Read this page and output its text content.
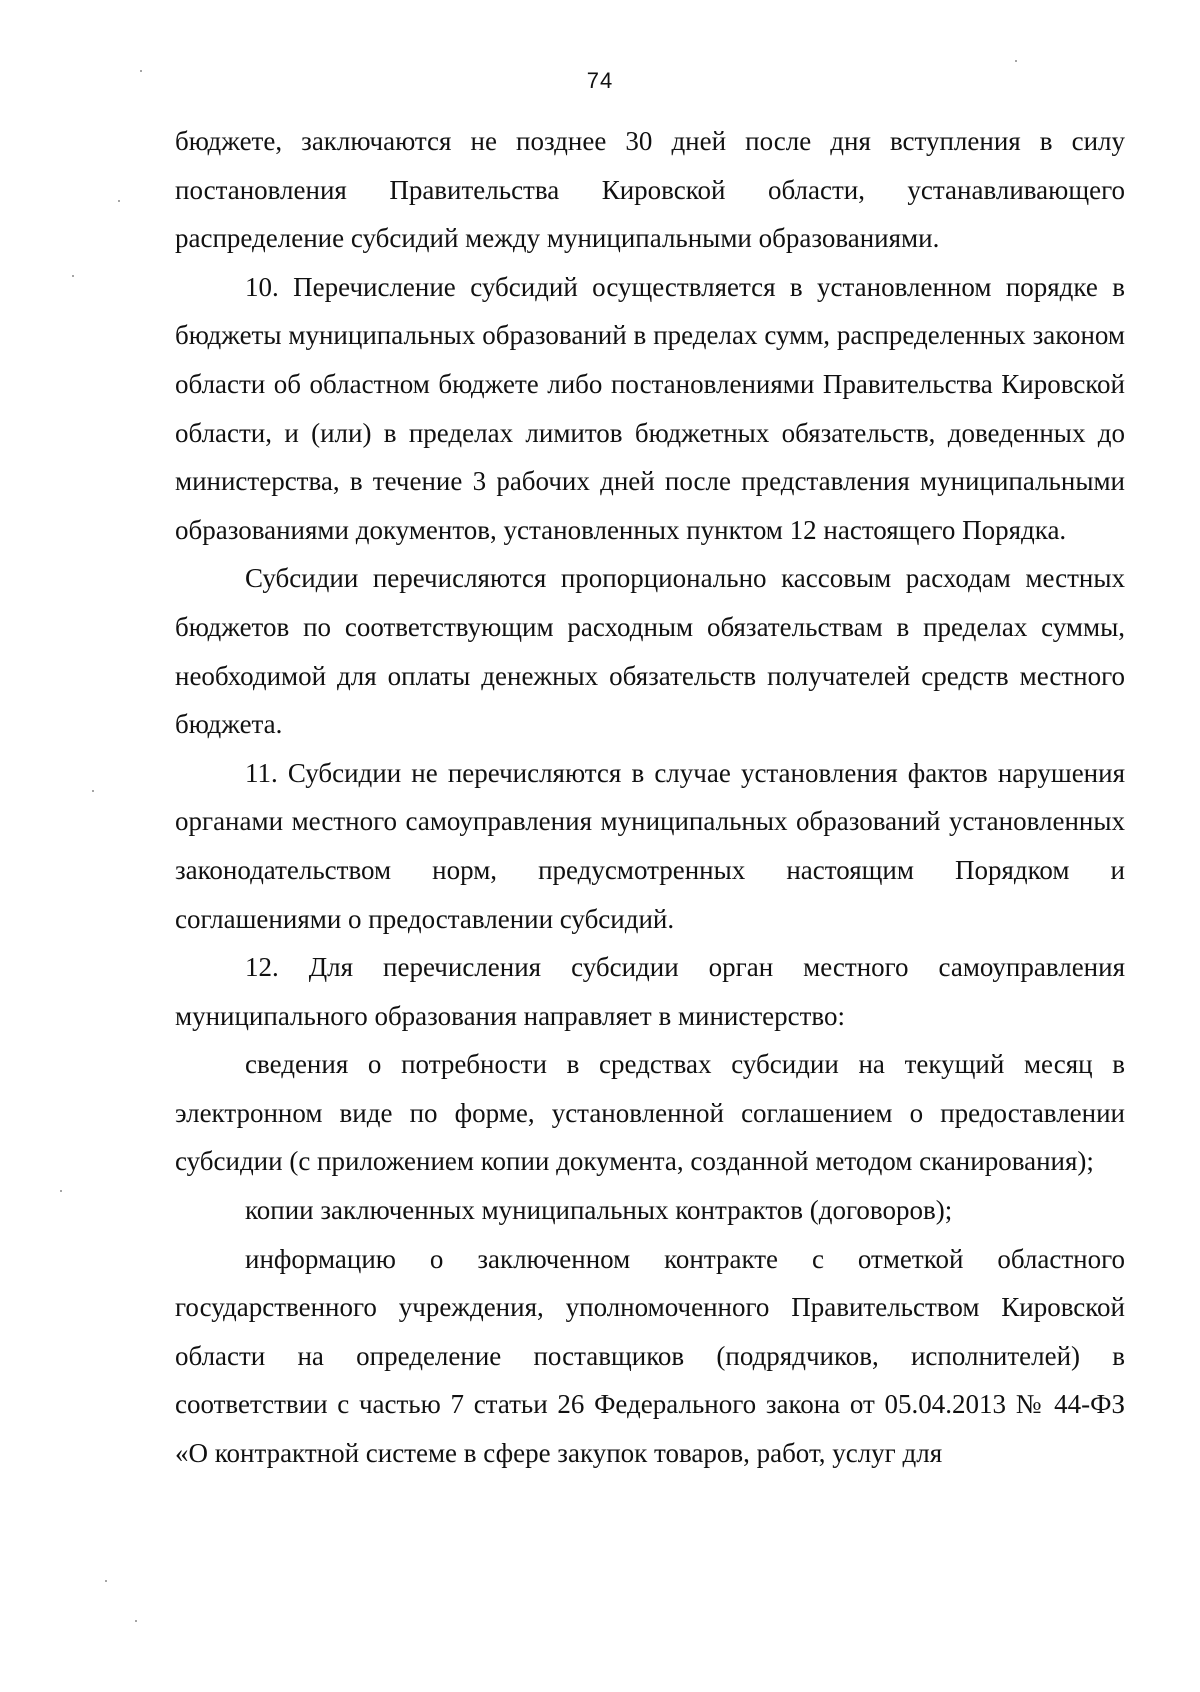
74

бюджете, заключаются не позднее 30 дней после дня вступления в силу постановления Правительства Кировской области, устанавливающего распределение субсидий между муниципальными образованиями.

10. Перечисление субсидий осуществляется в установленном порядке в бюджеты муниципальных образований в пределах сумм, распределенных законом области об областном бюджете либо постановлениями Правительства Кировской области, и (или) в пределах лимитов бюджетных обязательств, доведенных до министерства, в течение 3 рабочих дней после представления муниципальными образованиями документов, установленных пунктом 12 настоящего Порядка.

Субсидии перечисляются пропорционально кассовым расходам местных бюджетов по соответствующим расходным обязательствам в пределах суммы, необходимой для оплаты денежных обязательств получателей средств местного бюджета.

11. Субсидии не перечисляются в случае установления фактов нарушения органами местного самоуправления муниципальных образований установленных законодательством норм, предусмотренных настоящим Порядком и соглашениями о предоставлении субсидий.

12. Для перечисления субсидии орган местного самоуправления муниципального образования направляет в министерство:

сведения о потребности в средствах субсидии на текущий месяц в электронном виде по форме, установленной соглашением о предоставлении субсидии (с приложением копии документа, созданной методом сканирования);

копии заключенных муниципальных контрактов (договоров);

информацию о заключенном контракте с отметкой областного государственного учреждения, уполномоченного Правительством Кировской области на определение поставщиков (подрядчиков, исполнителей) в соответствии с частью 7 статьи 26 Федерального закона от 05.04.2013 № 44-ФЗ «О контрактной системе в сфере закупок товаров, работ, услуг для
